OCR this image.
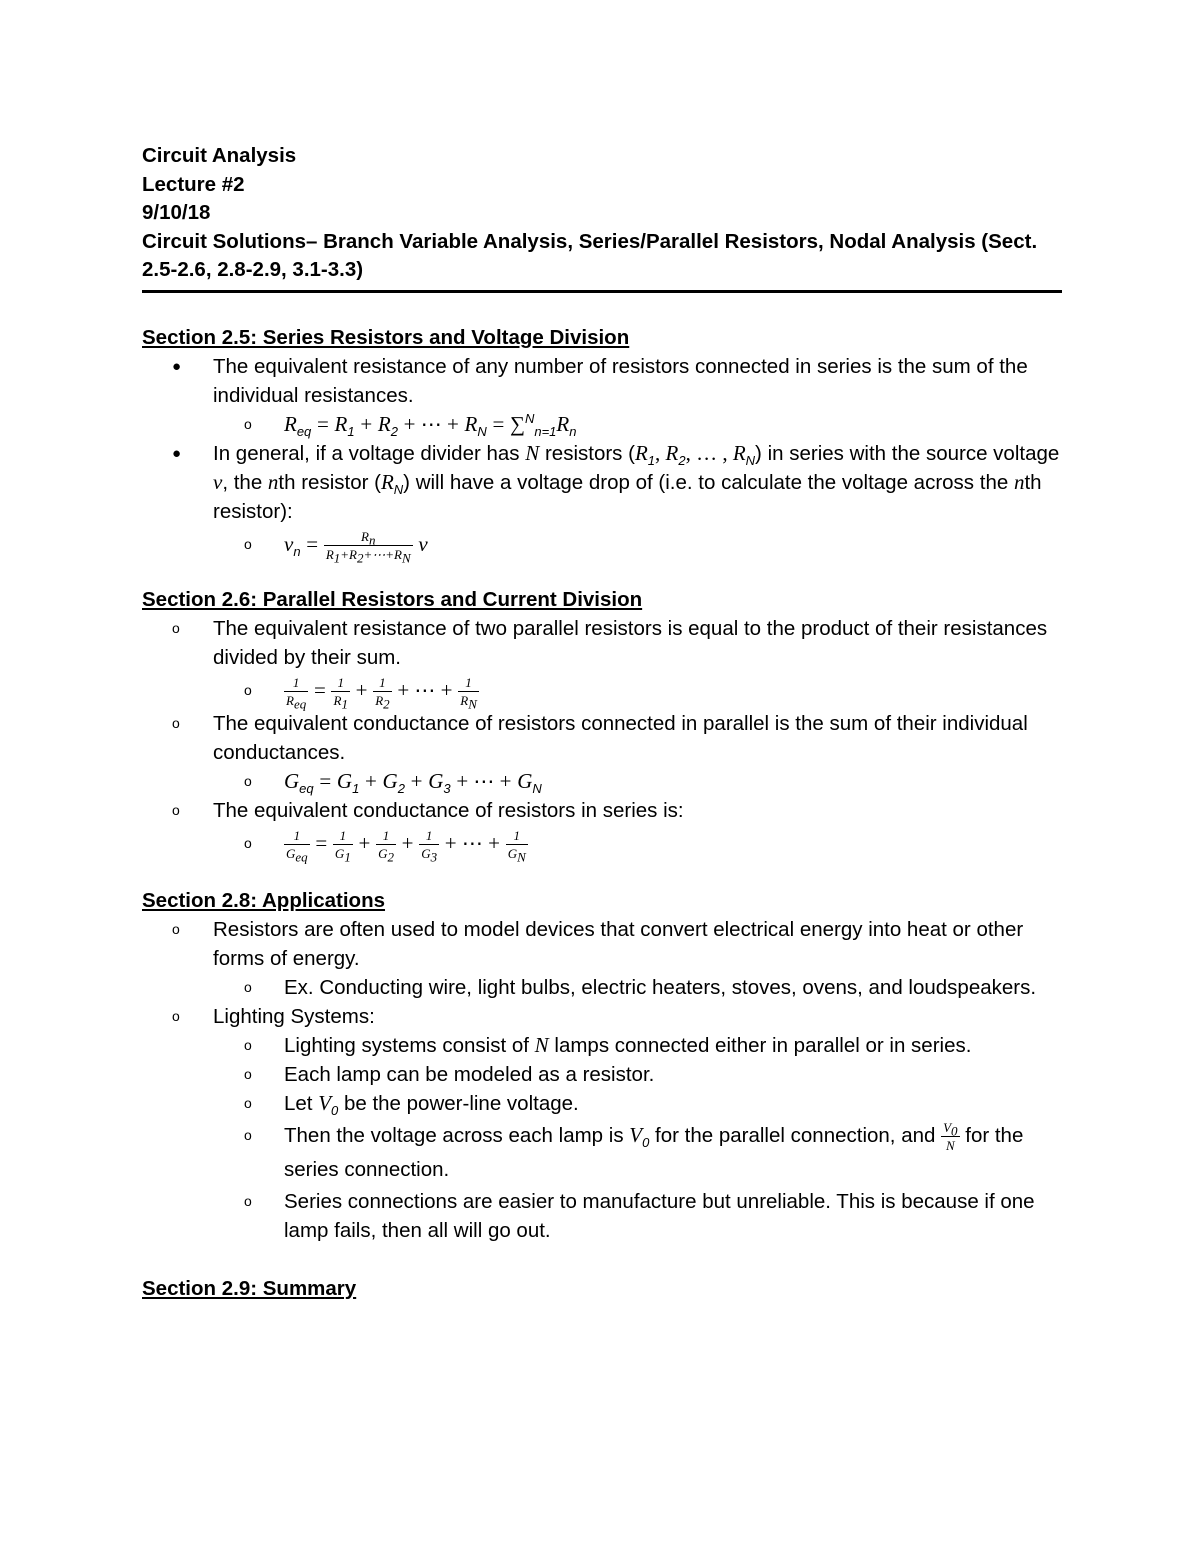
Circuit Analysis
Lecture #2
9/10/18
Circuit Solutions– Branch Variable Analysis, Series/Parallel Resistors, Nodal Analysis (Sect.
2.5-2.6, 2.8-2.9, 3.1-3.3)
Section 2.5: Series Resistors and Voltage Division
● The equivalent resistance of any number of resistors connected in series is the sum of the individual resistances.
o $R_{eq} = R_1 + R_2$ + ⋯ + $R_N = \sum^N_{n=1}R_n$
● In general, if a voltage divider has N resistors ($R_1$, $R_2$, … , $R_N$) in series with the source voltage v, the nth resistor $(R_N)$ will have a voltage drop of (i.e. to calculate the voltage across the nth resistor):
o $v_n = \frac{R_n}{R_1+R_2+\cdots+R_N}$ v
Section 2.6: Parallel Resistors and Current Division
o The equivalent resistance of two parallel resistors is equal to the product of their resistances divided by their sum.
o $\frac{1}{R_{eq}} = \frac{1}{R_1} + \frac{1}{R_2}$ + ⋯ + $\frac{1}{R_N}$
o The equivalent conductance of resistors connected in parallel is the sum of their individual conductances.
o $G_{eq} = G_1 + G_2 + G_3$ + ⋯ + $G_N$
o The equivalent conductance of resistors in series is:
o $\frac{1}{G_{eq}} = \frac{1}{G_1} + \frac{1}{G_2} + \frac{1}{G_3}$ + ⋯ + $\frac{1}{G_N}$
Section 2.8: Applications
o Resistors are often used to model devices that convert electrical energy into heat or other forms of energy.
o Ex. Conducting wire, light bulbs, electric heaters, stoves, ovens, and loudspeakers.
o Lighting Systems:
o Lighting systems consist of N lamps connected either in parallel or in series.
o Each lamp can be modeled as a resistor.
o Let $V_0$ be the power-line voltage.
o Then the voltage across each lamp is $V_0$ for the parallel connection, and $\frac{V_0}{N}$ for the series connection.
o Series connections are easier to manufacture but unreliable. This is because if one lamp fails, then all will go out.
Section 2.9: Summary
